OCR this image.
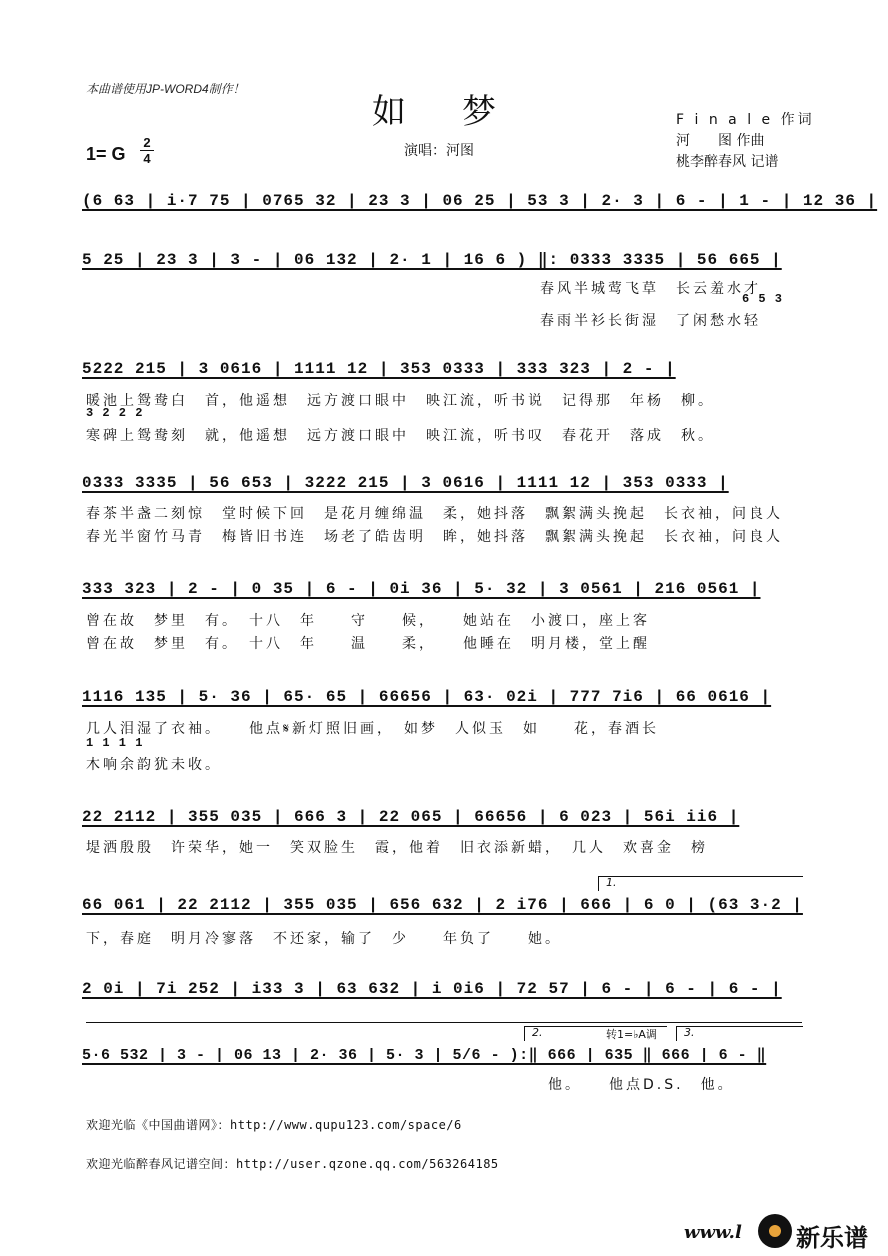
本曲谱使用JP-WORD4制作！
如梦
1= G
2
4	演唱：河图
F i n a l e 作词
河　　图 作曲
桃李醉春风 记谱
(6 63 | i·7 75 | 0765 32 | 23 3 | 06 25 | 53 3 | 2· 3 | 6 - | 1 - | 12 36 |
5 25 | 23 3 | 3 - | 06 132 | 2· 1 | 16 6 ) ‖: 0333 3335 | 56 665 |
春风半城莺飞草　长云羞水才
6 5 3
春雨半衫长街湿　了闲愁水轻
5222 215 | 3 0616 | 1111 12 | 353 0333 | 333 323 | 2 - |
暖池上鸳鸯白　首，他遥想　远方渡口眼中　映江流，听书说　记得那　年杨　柳。
3 2 2 2
寒碑上鸳鸯刻　就，他遥想　远方渡口眼中　映江流，听书叹　春花开　落成　秋。
0333 3335 | 56 653 | 3222 215 | 3 0616 | 1111 12 | 353 0333 |
春茶半盏二刻惊　堂时候下回　是花月缠绵温　柔，她抖落　飘絮满头挽起　长衣袖，问良人
春光半窗竹马青　梅皆旧书连　场老了皓齿明　眸，她抖落　飘絮满头挽起　长衣袖，问良人
333 323 | 2 - | 0 35 | 6 - | 0i 36 | 5· 32 | 3 0561 | 216 0561 |
曾在故　梦里　有。　十八　年　　守　　候，　　她站在　小渡口，座上客
曾在故　梦里　有。　十八　年　　温　　柔，　　他睡在　明月楼，堂上醒
1116 135 | 5· 36 | 65· 65 | 66656 | 63· 02i | 777 7i6 | 66 0616 |
几人泪湿了衣袖。　　他点𝄋新灯照旧画，　如梦　人似玉　如　　花，春酒长
1 1 1 1
木响余韵犹未收。
22 2112 | 355 035 | 666 3 | 22 065 | 66656 | 6 023 | 56i ii6 |
堤洒殷殷　许荣华，她一　笑双脸生　霞，他着　旧衣添新蜡，　几人　欢喜金　榜
1.
66 061 | 22 2112 | 355 035 | 656 632 | 2 i76 | 666 | 6 0 | (63 3·2 |
下，春庭　明月冷寥落　不还家，输了　少　　年负了　　她。
2 0i | 7i 252 | i33 3 | 63 632 | i 0i6 | 72 57 | 6 - | 6 - | 6 - |
2.	转1=♭A调 3.
5·6 532 | 3 - | 06 13 | 2· 36 | 5· 3 | 5/6 - ):‖ 666 | 635 ‖ 666 | 6 - ‖
他。　　他点D.S.　他。
欢迎光临《中国曲谱网》：http://www.qupu123.com/space/6
欢迎光临醉春风记谱空间：http://user.qzone.qq.com/563264185
www.l 新乐谱
